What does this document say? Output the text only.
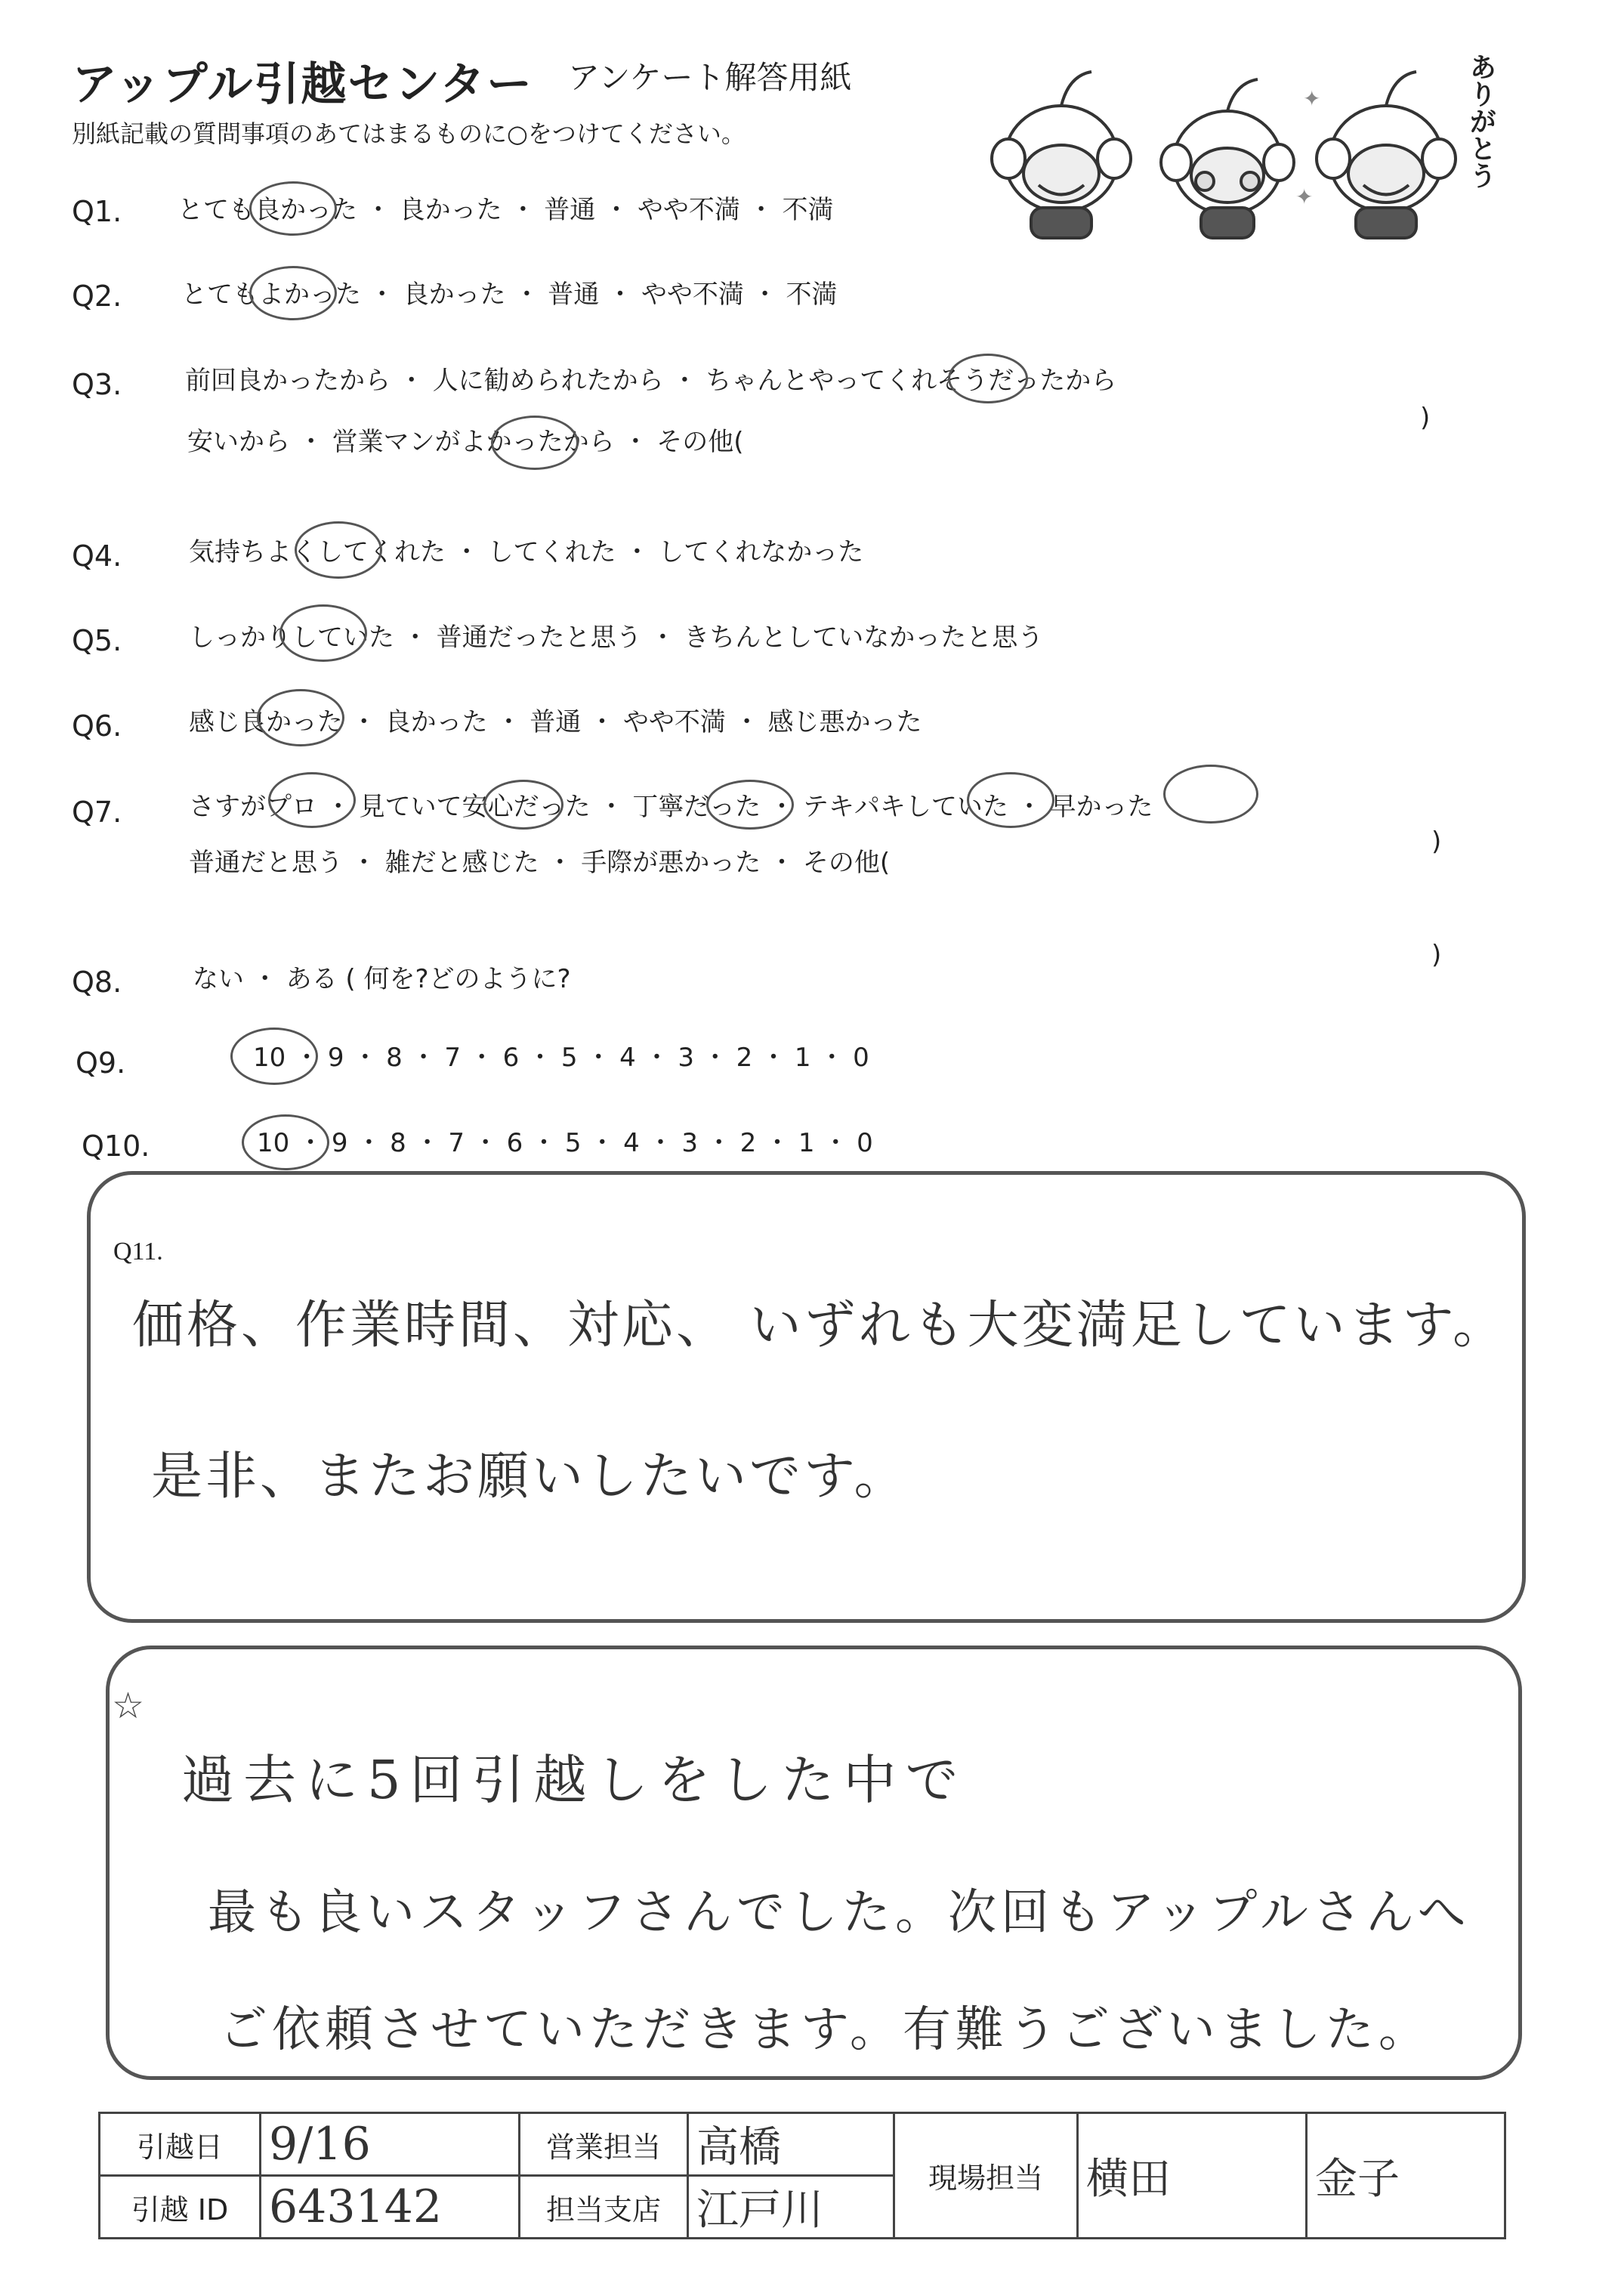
アップル引越センター アンケート解答用紙
別紙記載の質問事項のあてはまるものに○をつけてください。
✦
✦
ありがとう
Q1. とても良かった ・ 良かった ・ 普通 ・ やや不満 ・ 不満
Q2. とてもよかった ・ 良かった ・ 普通 ・ やや不満 ・ 不満
Q3. 前回良かったから ・ 人に勧められたから ・ ちゃんとやってくれそうだったから
安いから ・ 営業マンがよかったから ・ その他(
)
Q4.	気持ちよくしてくれた ・ してくれた ・ してくれなかった
Q5.	しっかりしていた ・ 普通だったと思う ・ きちんとしていなかったと思う
Q6.	感じ良かった ・ 良かった ・ 普通 ・ やや不満 ・ 感じ悪かった
Q7.	さすがプロ ・ 見ていて安心だった ・ 丁寧だった ・ テキパキしていた ・ 早かった
普通だと思う ・ 雑だと感じた ・ 手際が悪かった ・ その他(
)
Q8.	ない ・ ある ( 何を?どのように?
)
Q9.	10 ・ 9 ・ 8 ・ 7 ・ 6 ・ 5 ・ 4 ・ 3 ・ 2 ・ 1 ・ 0
Q10.	10 ・ 9 ・ 8 ・ 7 ・ 6 ・ 5 ・ 4 ・ 3 ・ 2 ・ 1 ・ 0
Q11.
価格、作業時間、対応、 いずれも大変満足しています。
是非、またお願いしたいです。
☆
過去に5回引越しをした中で
最も良いスタッフさんでした。次回もアップルさんへ
ご依頼させていただきます。有難うございました。
引越日	9/16	営業担当	高橋	現場担当	横田	金子
引越 ID	643142	担当支店	江戸川			
